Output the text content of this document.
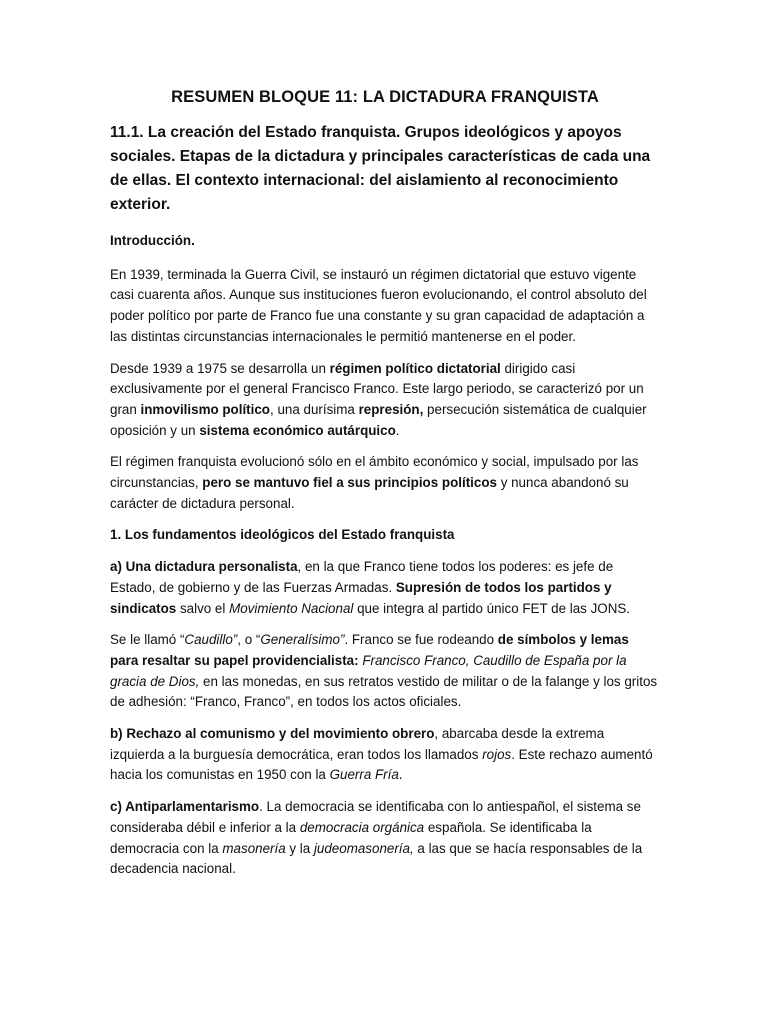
RESUMEN BLOQUE 11: LA DICTADURA FRANQUISTA
11.1. La creación del Estado franquista. Grupos ideológicos y apoyos sociales. Etapas de la dictadura y principales características de cada una de ellas. El contexto internacional: del aislamiento al reconocimiento exterior.

Introducción.

En 1939, terminada la Guerra Civil, se instauró un régimen dictatorial que estuvo vigente casi cuarenta años. Aunque sus instituciones fueron evolucionando, el control absoluto del poder político por parte de Franco fue una constante y su gran capacidad de adaptación a las distintas circunstancias internacionales le permitió mantenerse en el poder.

Desde 1939 a 1975 se desarrolla un régimen político dictatorial dirigido casi exclusivamente por el general Francisco Franco. Este largo periodo, se caracterizó por un gran inmovilismo político, una durísima represión, persecución sistemática de cualquier oposición y un sistema económico autárquico.

El régimen franquista evolucionó sólo en el ámbito económico y social, impulsado por las circunstancias, pero se mantuvo fiel a sus principios políticos y nunca abandonó su carácter de dictadura personal.

1. Los fundamentos ideológicos del Estado franquista

a) Una dictadura personalista, en la que Franco tiene todos los poderes: es jefe de Estado, de gobierno y de las Fuerzas Armadas. Supresión de todos los partidos y sindicatos salvo el Movimiento Nacional que integra al partido único FET de las JONS.

Se le llamó “Caudillo”, o “Generalísimo”. Franco se fue rodeando de símbolos y lemas para resaltar su papel providencialista: Francisco Franco, Caudillo de España por la gracia de Dios, en las monedas, en sus retratos vestido de militar o de la falange y los gritos de adhesión: “Franco, Franco”, en todos los actos oficiales.

b) Rechazo al comunismo y del movimiento obrero, abarcaba desde la extrema izquierda a la burguesía democrática, eran todos los llamados rojos. Este rechazo aumentó hacia los comunistas en 1950 con la Guerra Fría.

c) Antiparlamentarismo. La democracia se identificaba con lo antiespañol, el sistema se consideraba débil e inferior a la democracia orgánica española. Se identificaba la democracia con la masonería y la judeomasonería, a las que se hacía responsables de la decadencia nacional.
